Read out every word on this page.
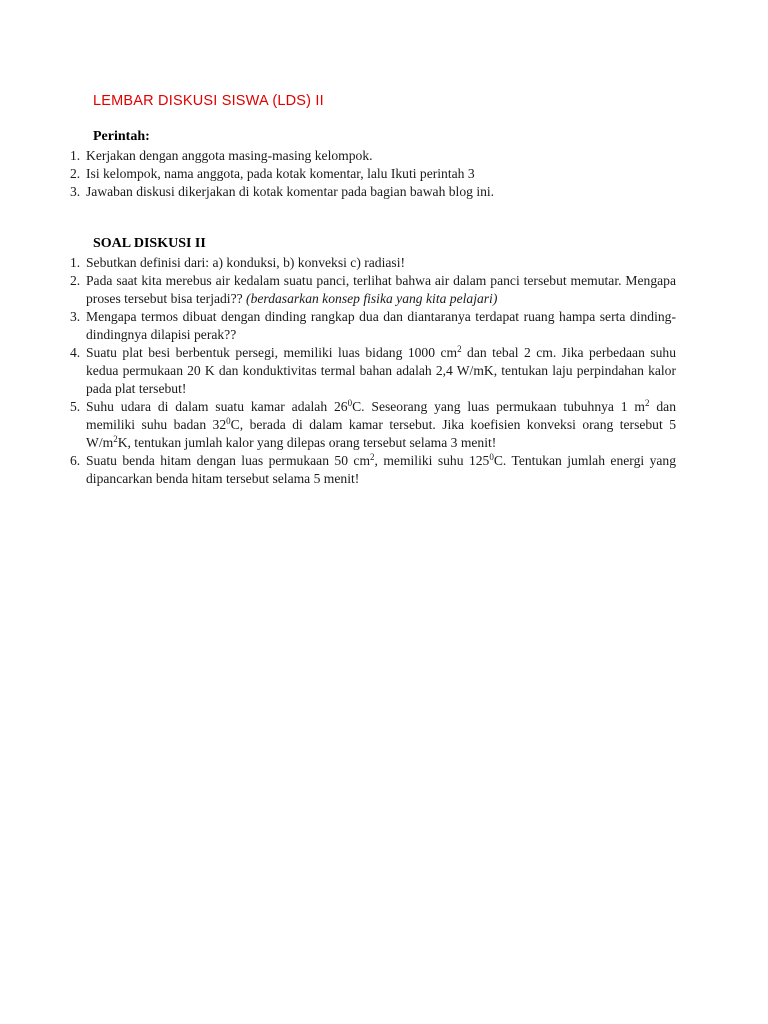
LEMBAR DISKUSI SISWA (LDS) II
Perintah:
1. Kerjakan dengan anggota masing-masing kelompok.
2. Isi kelompok, nama anggota, pada kotak komentar, lalu Ikuti perintah 3
3. Jawaban diskusi dikerjakan di kotak komentar pada bagian bawah blog ini.
SOAL DISKUSI II
1. Sebutkan definisi dari: a) konduksi, b) konveksi c) radiasi!
2. Pada saat kita merebus air kedalam suatu panci, terlihat bahwa air dalam panci tersebut memutar. Mengapa proses tersebut bisa terjadi?? (berdasarkan konsep fisika yang kita pelajari)
3. Mengapa termos dibuat dengan dinding rangkap dua dan diantaranya terdapat ruang hampa serta dinding-dindingnya dilapisi perak??
4. Suatu plat besi berbentuk persegi, memiliki luas bidang 1000 $cm^2$ dan tebal 2 cm. Jika perbedaan suhu kedua permukaan 20 K dan konduktivitas termal bahan adalah 2,4 W/mK, tentukan laju perpindahan kalor pada plat tersebut!
5. Suhu udara di dalam suatu kamar adalah $26^0C$. Seseorang yang luas permukaan tubuhnya 1 $m^2$ dan memiliki suhu badan $32^0C$, berada di dalam kamar tersebut. Jika koefisien konveksi orang tersebut 5 $W/m^2K$, tentukan jumlah kalor yang dilepas orang tersebut selama 3 menit!
6. Suatu benda hitam dengan luas permukaan 50 $cm^2$, memiliki suhu $125^0C$. Tentukan jumlah energi yang dipancarkan benda hitam tersebut selama 5 menit!
